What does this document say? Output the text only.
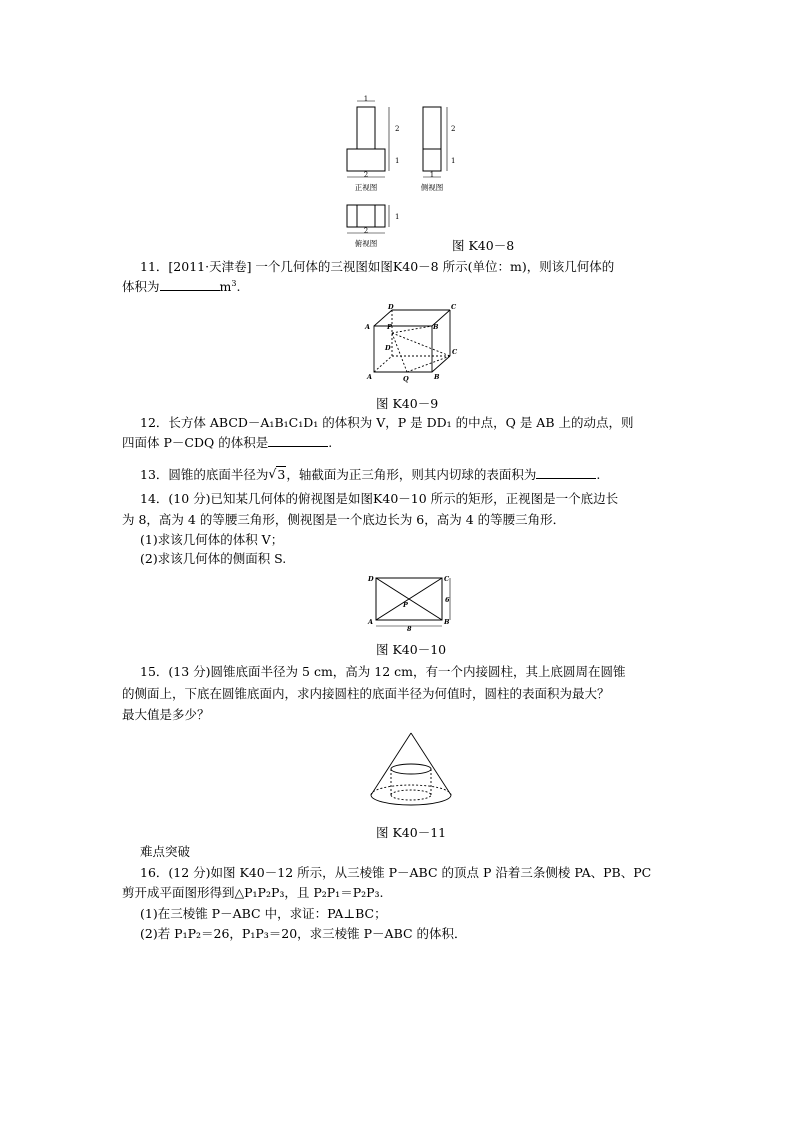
1
2
1
2
正视图
2
1
1
侧视图
1
2
俯视图	图 K40－8
11．[2011·天津卷] 一个几何体的三视图如图K40－8 所示(单位：m)，则该几何体的
体积为	$m^3$.
D	C
A	P	B
D	C
A	Q	B
图 K40－9
12．长方体 ABCD－A₁B₁C₁D₁ 的体积为 V，P 是 DD₁ 的中点，Q 是 AB 上的动点，则
四面体 P－CDQ 的体积是	.
13．圆锥的底面半径为 √ 3，轴截面为正三角形，则其内切球的表面积为	.
14．(10 分)已知某几何体的俯视图是如图K40－10 所示的矩形，正视图是一个底边长
为 8，高为 4 的等腰三角形，侧视图是一个底边长为 6，高为 4 的等腰三角形．
(1)求该几何体的体积 V；
(2)求该几何体的侧面积 S.
D	C
A	B
P
6
8
图 K40－10
15．(13 分)圆锥底面半径为 5 cm，高为 12 cm，有一个内接圆柱，其上底圆周在圆锥
的侧面上，下底在圆锥底面内，求内接圆柱的底面半径为何值时，圆柱的表面积为最大？
最大值是多少？
图 K40－11
难点突破
16．(12 分)如图 K40－12 所示，从三棱锥 P－ABC 的顶点 P 沿着三条侧棱 PA、PB、PC
剪开成平面图形得到△P₁P₂P₃，且 P₂P₁＝P₂P₃.
(1)在三棱锥 P－ABC 中，求证：PA⊥BC；
(2)若 P₁P₂＝26，P₁P₃＝20，求三棱锥 P－ABC 的体积．
